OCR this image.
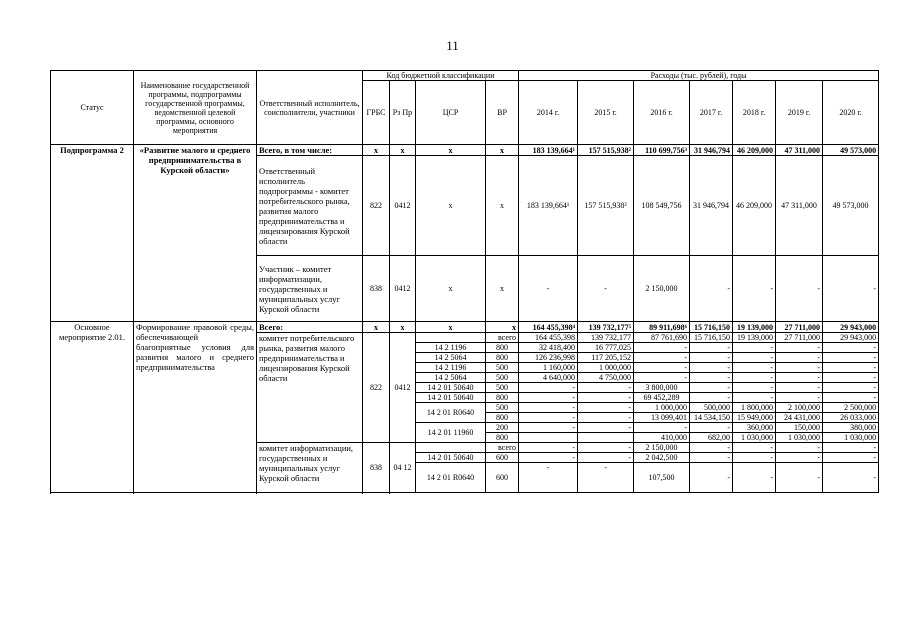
11
Статус	Наименование государственной программы, подпрограммы государственной программы, ведомственной целевой программы, основного мероприятия	Ответственный исполнитель, соисполнители, участники	Код бюджетной классификации				Расходы (тыс. рублей), годы						
			ГРБС	Рз Пр	ЦСР	ВР	2014 г.	2015 г.	2016 г.	2017 г.	2018 г.	2019 г.	2020 г.
Подпрограмма 2	«Развитие малого и среднего предпринимательства в Курской области»	Всего, в том числе:	х	х	х	х	183 139,664¹	157 515,938²	110 699,756³	31 946,794	46 209,000	47 311,000	49 573,000
		Ответственный исполнитель подпрограммы - комитет потребительского рынка, развития малого предпринимательства и лицензирования Курской области	822	0412	х	х	183 139,664¹	157 515,938²	108 549,756	31 946,794	46 209,000	47 311,000	49 573,000
		Участник – комитет информатизации, государственных и муниципальных услуг Курской области	838	0412	х	х	-	-	2 150,000	-	-	-	-
Основное мероприятие 2.01.	Формирование правовой среды, обеспечивающей благоприятные условия для развития малого и среднего предпринимательства	Всего:	х	х	х	х	164 455,398⁴	139 732,177⁵	89 911,698⁶	15 716,150	19 139,000	27 711,000	29 943,000
		комитет потребительского рынка, развития малого предпринимательства и лицензирования Курской области	822	0412		всего	164 455,398	139 732,177	87 761,690	15 716,150	19 139,000	27 711,000	29 943,000
					14 2 1196	800	32 418,400	16 777,025	-	-	-	-	-
					14 2 5064	800	126 236,998	117 205,152	-	-	-	-	-
					14 2 1196	500	1 160,000	1 000,000	-	-	-	-	-
					14 2 5064	500	4 640,000	4 750,000	-	-	-	-	-
					14 2 01 50640	500	-	-	3 800,000	-	-	-	-
					14 2 01 50640	800	-	-	69 452,289	-	-	-	-
					14 2 01 R0640	500	-	-	1 000,000	500,000	1 800,000	2 100,000	2 500,000
						800	-	-	13 099,401	14 534,150	15 949,000	24 431,000	26 033,000
					14 2 01 11960	200	-	-	-	-	360,000	150,000	380,000
						800			410,000	682,00	1 030,000	1 030,000	1 030,000
		комитет информатизации, государственных и муниципальных услуг Курской области	838	04 12		всего	-	-	2 150,000	-	-	-	-
					14 2 01 50640	600	-	-	2 042,500	-	-	-	-
					14 2 01 R0640	600	-	-	107,500	-	-	-	-
